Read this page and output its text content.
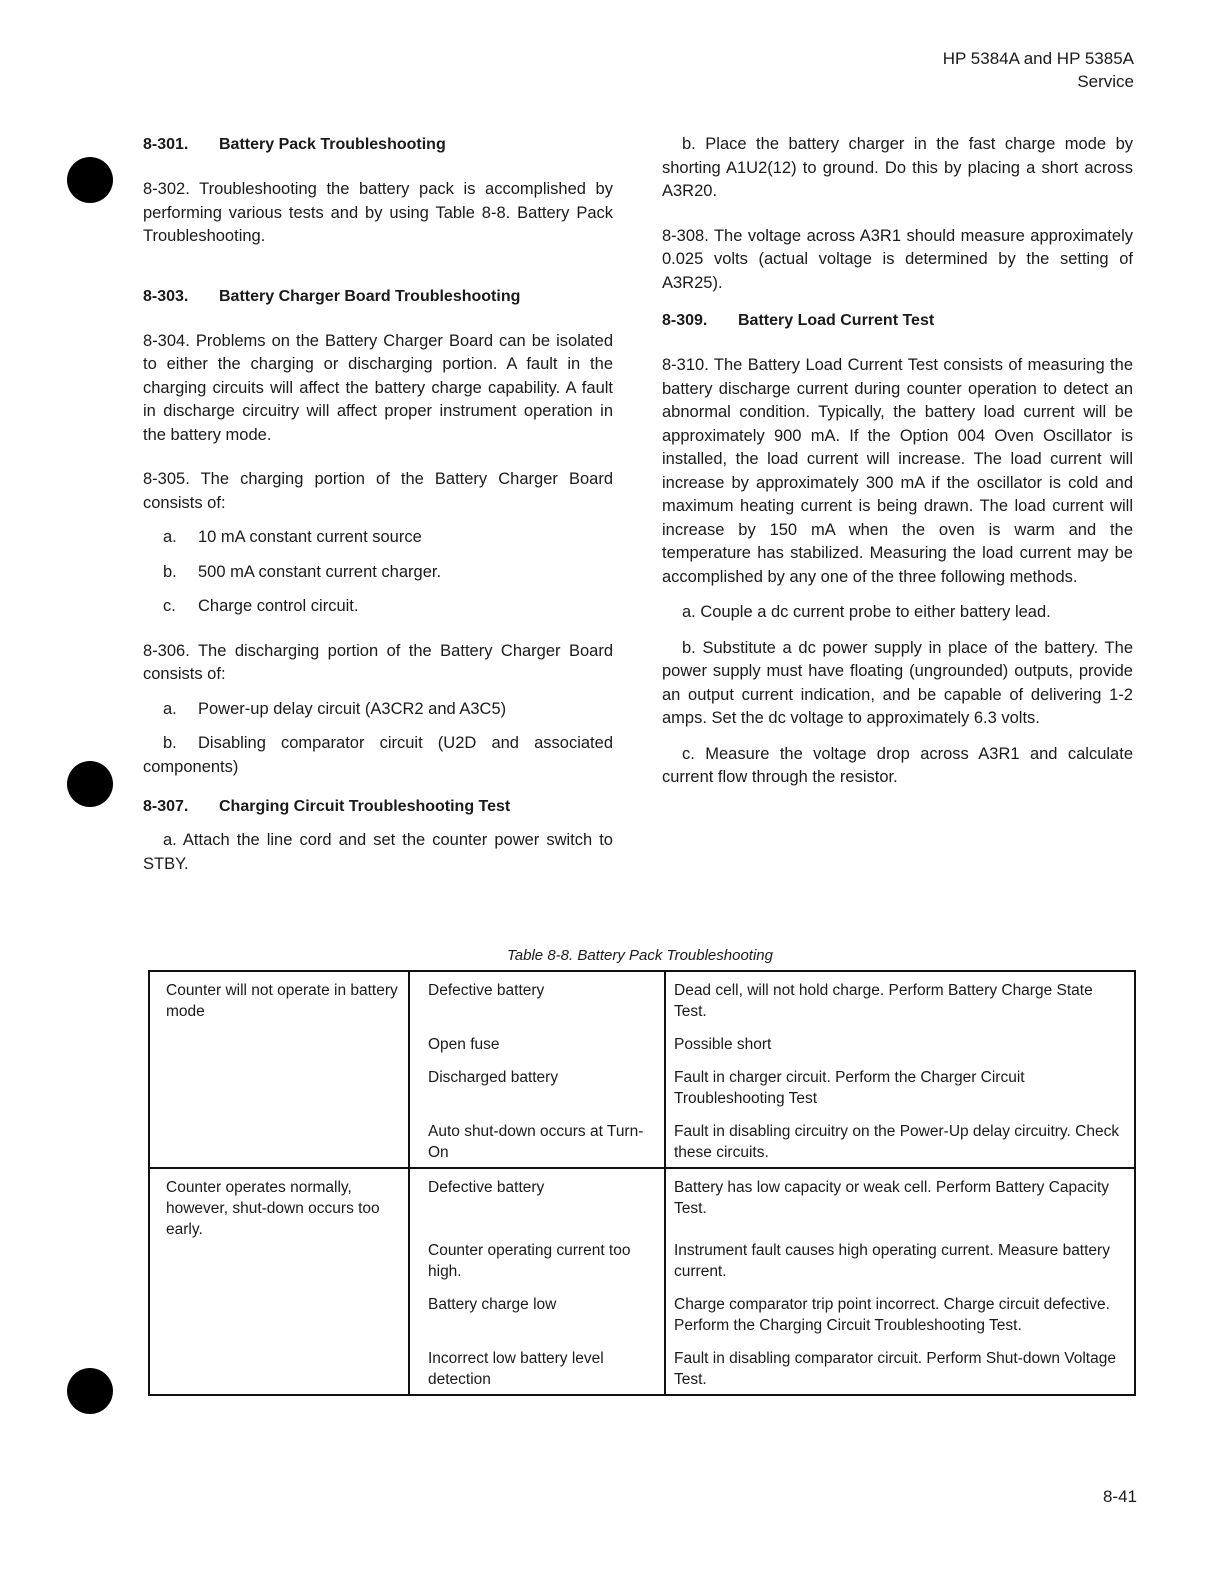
HP 5384A and HP 5385A
Service
8-301. Battery Pack Troubleshooting

8-302. Troubleshooting the battery pack is accomplished by performing various tests and by using Table 8-8. Battery Pack Troubleshooting.

8-303. Battery Charger Board Troubleshooting

8-304. Problems on the Battery Charger Board can be isolated to either the charging or discharging portion. A fault in the charging circuits will affect the battery charge capability. A fault in discharge circuitry will affect proper instrument operation in the battery mode.

8-305. The charging portion of the Battery Charger Board consists of:

a. 10 mA constant current source
b. 500 mA constant current charger.
c. Charge control circuit.

8-306. The discharging portion of the Battery Charger Board consists of:

a. Power-up delay circuit (A3CR2 and A3C5)
b. Disabling comparator circuit (U2D and associated components)
8-307. Charging Circuit Troubleshooting Test

a. Attach the line cord and set the counter power switch to STBY.

b. Place the battery charger in the fast charge mode by shorting A1U2(12) to ground. Do this by placing a short across A3R20.

8-308. The voltage across A3R1 should measure approximately 0.025 volts (actual voltage is determined by the setting of A3R25).

8-309. Battery Load Current Test

8-310. The Battery Load Current Test consists of measuring the battery discharge current during counter operation to detect an abnormal condition. Typically, the battery load current will be approximately 900 mA. If the Option 004 Oven Oscillator is installed, the load current will increase. The load current will increase by approximately 300 mA if the oscillator is cold and maximum heating current is being drawn. The load current will increase by 150 mA when the oven is warm and the temperature has stabilized. Measuring the load current may be accomplished by any one of the three following methods.

a. Couple a dc current probe to either battery lead.

b. Substitute a dc power supply in place of the battery. The power supply must have floating (ungrounded) outputs, provide an output current indication, and be capable of delivering 1-2 amps. Set the dc voltage to approximately 6.3 volts.

c. Measure the voltage drop across A3R1 and calculate current flow through the resistor.

Table 8-8. Battery Pack Troubleshooting
Counter will not operate in battery mode	Defective battery	Dead cell, will not hold charge. Perform Battery Charge State Test.
	Open fuse	Possible short
	Discharged battery	Fault in charger circuit. Perform the Charger Circuit Troubleshooting Test
	Auto shut-down occurs at Turn-On	Fault in disabling circuitry on the Power-Up delay circuitry. Check these circuits.
Counter operates normally, however, shut-down occurs too early.	Defective battery	Battery has low capacity or weak cell. Perform Battery Capacity Test.
	Counter operating current too high.	Instrument fault causes high operating current. Measure battery current.
	Battery charge low	Charge comparator trip point incorrect. Charge circuit defective. Perform the Charging Circuit Troubleshooting Test.
	Incorrect low battery level detection	Fault in disabling comparator circuit. Perform Shut-down Voltage Test.
8-41
